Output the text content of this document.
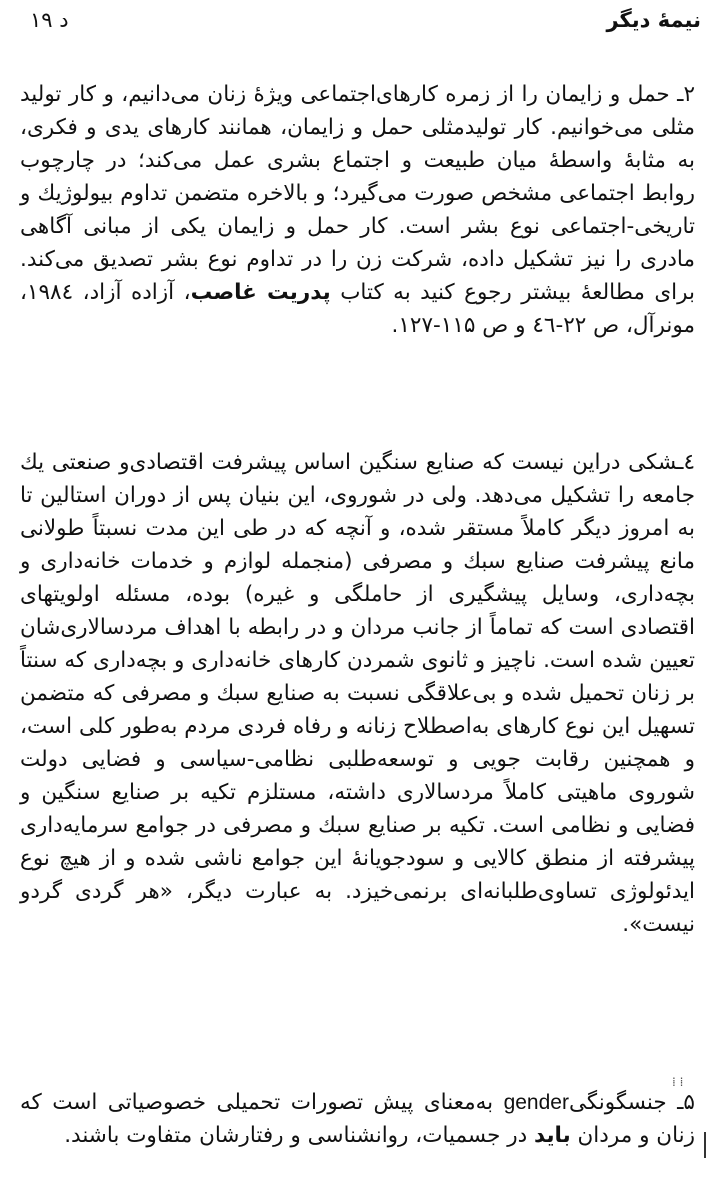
د ۱۹	نیمهٔ دیگر
۲ـ حمل و زایمان را از زمره کارهای‌اجتماعی ویژهٔ زنان می‌دانیم، و کار تولید مثلی می‌خوانیم. کار تولیدمثلی حمل و زایمان، همانند کارهای یدی و فکری، به مثابهٔ واسطهٔ میان طبیعت و اجتماع بشری عمل می‌کند؛ در چارچوب روابط اجتماعی مشخص صورت می‌گیرد؛ و بالاخره متضمن تداوم بیولوژیك و تاریخی-اجتماعی نوع بشر است. کار حمل و زایمان یکی از مبانی آگاهی مادری را نیز تشکیل داده، شرکت زن را در تداوم نوع بشر تصدیق می‌کند. برای مطالعهٔ بیشتر رجوع کنید به کتاب پدریت غاصب، آزاده آزاد، ۱۹۸٤، مونرآل، ص ۲۲-٤٦ و ص ۱۱۵-۱۲۷.
٤ـشکی دراین نیست که صنایع سنگین اساس پیشرفت اقتصادی‌و صنعتی یك جامعه را تشکیل می‌دهد. ولی در شوروی، این بنیان پس از دوران استالین تا به امروز دیگر کاملاً مستقر شده، و آنچه که در طی این مدت نسبتاً طولانی مانع پیشرفت صنایع سبك و مصرفی (منجمله لوازم و خدمات خانه‌داری و بچه‌داری، وسایل پیشگیری از حاملگی و غیره) بوده، مسئله اولویتهای اقتصادی است که تماماً از جانب مردان و در رابطه با اهداف مردسالاری‌شان تعیین شده است. ناچیز و ثانوی شمردن کارهای خانه‌داری و بچه‌داری که سنتاً بر زنان تحمیل شده و بی‌علاقگی نسبت به صنایع سبك و مصرفی که متضمن تسهیل این نوع کارهای به‌اصطلاح زنانه و رفاه فردی مردم به‌طور کلی است، و همچنین رقابت جویی و توسعه‌طلبی نظامی-سیاسی و فضایی دولت شوروی ماهیتی کاملاً مردسالاری داشته، مستلزم تکیه بر صنایع سنگین و فضایی و نظامی است. تکیه بر صنایع سبك و مصرفی در جوامع سرمایه‌داری پیشرفته از منطق کالایی و سودجویانهٔ این جوامع ناشی شده و از هیچ نوع ایدئولوژی تساوی‌طلبانه‌ای برنمی‌خیزد. به عبارت دیگر، «هر گردی گردو نیست».
۵ـ جنسگونگیgender به‌معنای پیش تصورات تحمیلی خصوصیاتی است که زنان و مردان باید در جسمیات، روانشناسی و رفتارشان متفاوت باشند.
⁞ ⁞
